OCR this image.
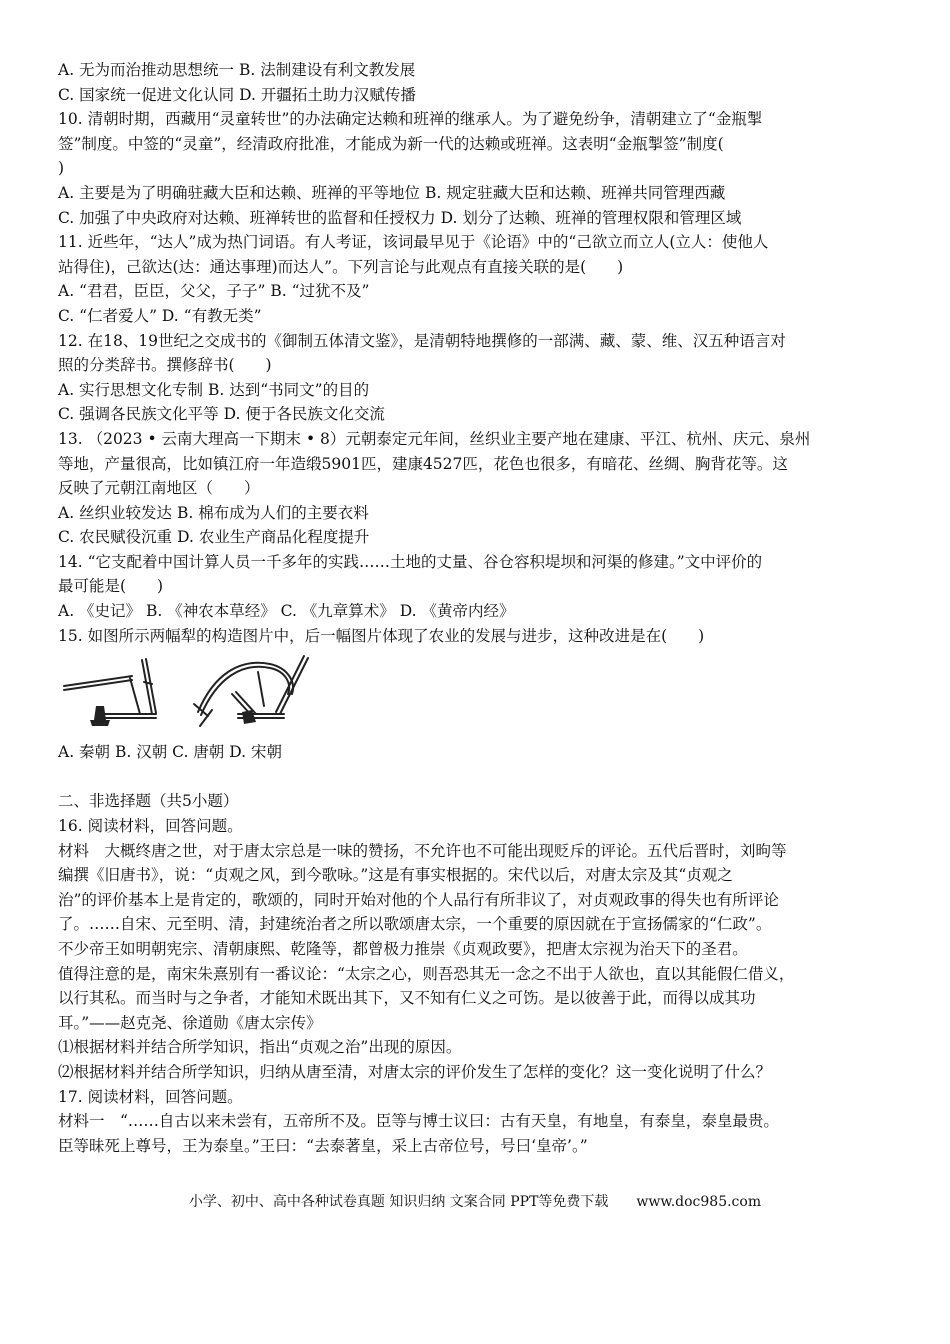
A. 无为而治推动思想统一 B. 法制建设有利文教发展
C. 国家统一促进文化认同 D. 开疆拓土助力汉赋传播
10. 清朝时期，西藏用“灵童转世”的办法确定达赖和班禅的继承人。为了避免纷争，清朝建立了“金瓶掣
签”制度。中签的“灵童”，经清政府批准，才能成为新一代的达赖或班禅。这表明“金瓶掣签”制度(
)
A. 主要是为了明确驻藏大臣和达赖、班禅的平等地位 B. 规定驻藏大臣和达赖、班禅共同管理西藏
C. 加强了中央政府对达赖、班禅转世的监督和任授权力 D. 划分了达赖、班禅的管理权限和管理区域
11. 近些年，“达人”成为热门词语。有人考证，该词最早见于《论语》中的“己欲立而立人(立人：使他人
站得住)，己欲达(达：通达事理)而达人”。下列言论与此观点有直接关联的是(　　)
A. “君君，臣臣，父父，子子” B. “过犹不及”
C. “仁者爱人” D. “有教无类”
12. 在18、19世纪之交成书的《御制五体清文鉴》，是清朝特地撰修的一部满、藏、蒙、维、汉五种语言对
照的分类辞书。撰修辞书(　　)
A. 实行思想文化专制 B. 达到“书同文”的目的
C. 强调各民族文化平等 D. 便于各民族文化交流
13. （2023 • 云南大理高一下期末 • 8）元朝泰定元年间，丝织业主要产地在建康、平江、杭州、庆元、泉州
等地，产量很高，比如镇江府一年造缎5901匹，建康4527匹，花色也很多，有暗花、丝绸、胸背花等。这
反映了元朝江南地区（　　）
A. 丝织业较发达 B. 棉布成为人们的主要衣料
C. 农民赋役沉重 D. 农业生产商品化程度提升
14. “它支配着中国计算人员一千多年的实践……土地的丈量、谷仓容积堤坝和河渠的修建。”文中评价的
最可能是(　　)
A. 《史记》 B. 《神农本草经》 C. 《九章算术》 D. 《黄帝内经》
15. 如图所示两幅犁的构造图片中，后一幅图片体现了农业的发展与进步，这种改进是在(　　)
A. 秦朝 B. 汉朝 C. 唐朝 D. 宋朝
二、非选择题（共5小题）
16. 阅读材料，回答问题。
材料　大概终唐之世，对于唐太宗总是一味的赞扬，不允许也不可能出现贬斥的评论。五代后晋时，刘昫等
编撰《旧唐书》，说：“贞观之风，到今歌咏。”这是有事实根据的。宋代以后，对唐太宗及其“贞观之
治”的评价基本上是肯定的，歌颂的，同时开始对他的个人品行有所非议了，对贞观政事的得失也有所评论
了。……自宋、元至明、清，封建统治者之所以歌颂唐太宗，一个重要的原因就在于宣扬儒家的“仁政”。
不少帝王如明朝宪宗、清朝康熙、乾隆等，都曾极力推崇《贞观政要》，把唐太宗视为治天下的圣君。
值得注意的是，南宋朱熹别有一番议论：“太宗之心，则吾恐其无一念之不出于人欲也，直以其能假仁借义，
以行其私。而当时与之争者，才能知术既出其下，又不知有仁义之可饬。是以彼善于此，而得以成其功
耳。”——赵克尧、徐道勋《唐太宗传》
⑴根据材料并结合所学知识，指出“贞观之治”出现的原因。
⑵根据材料并结合所学知识，归纳从唐至清，对唐太宗的评价发生了怎样的变化？这一变化说明了什么？
17. 阅读材料，回答问题。
材料一　“……自古以来未尝有，五帝所不及。臣等与博士议曰：古有天皇，有地皇，有泰皇，泰皇最贵。
臣等昧死上尊号，王为泰皇。”王曰：“去泰著皇，采上古帝位号，号曰‘皇帝’。”
小学、初中、高中各种试卷真题 知识归纳 文案合同 PPT等免费下载　　www.doc985.com
